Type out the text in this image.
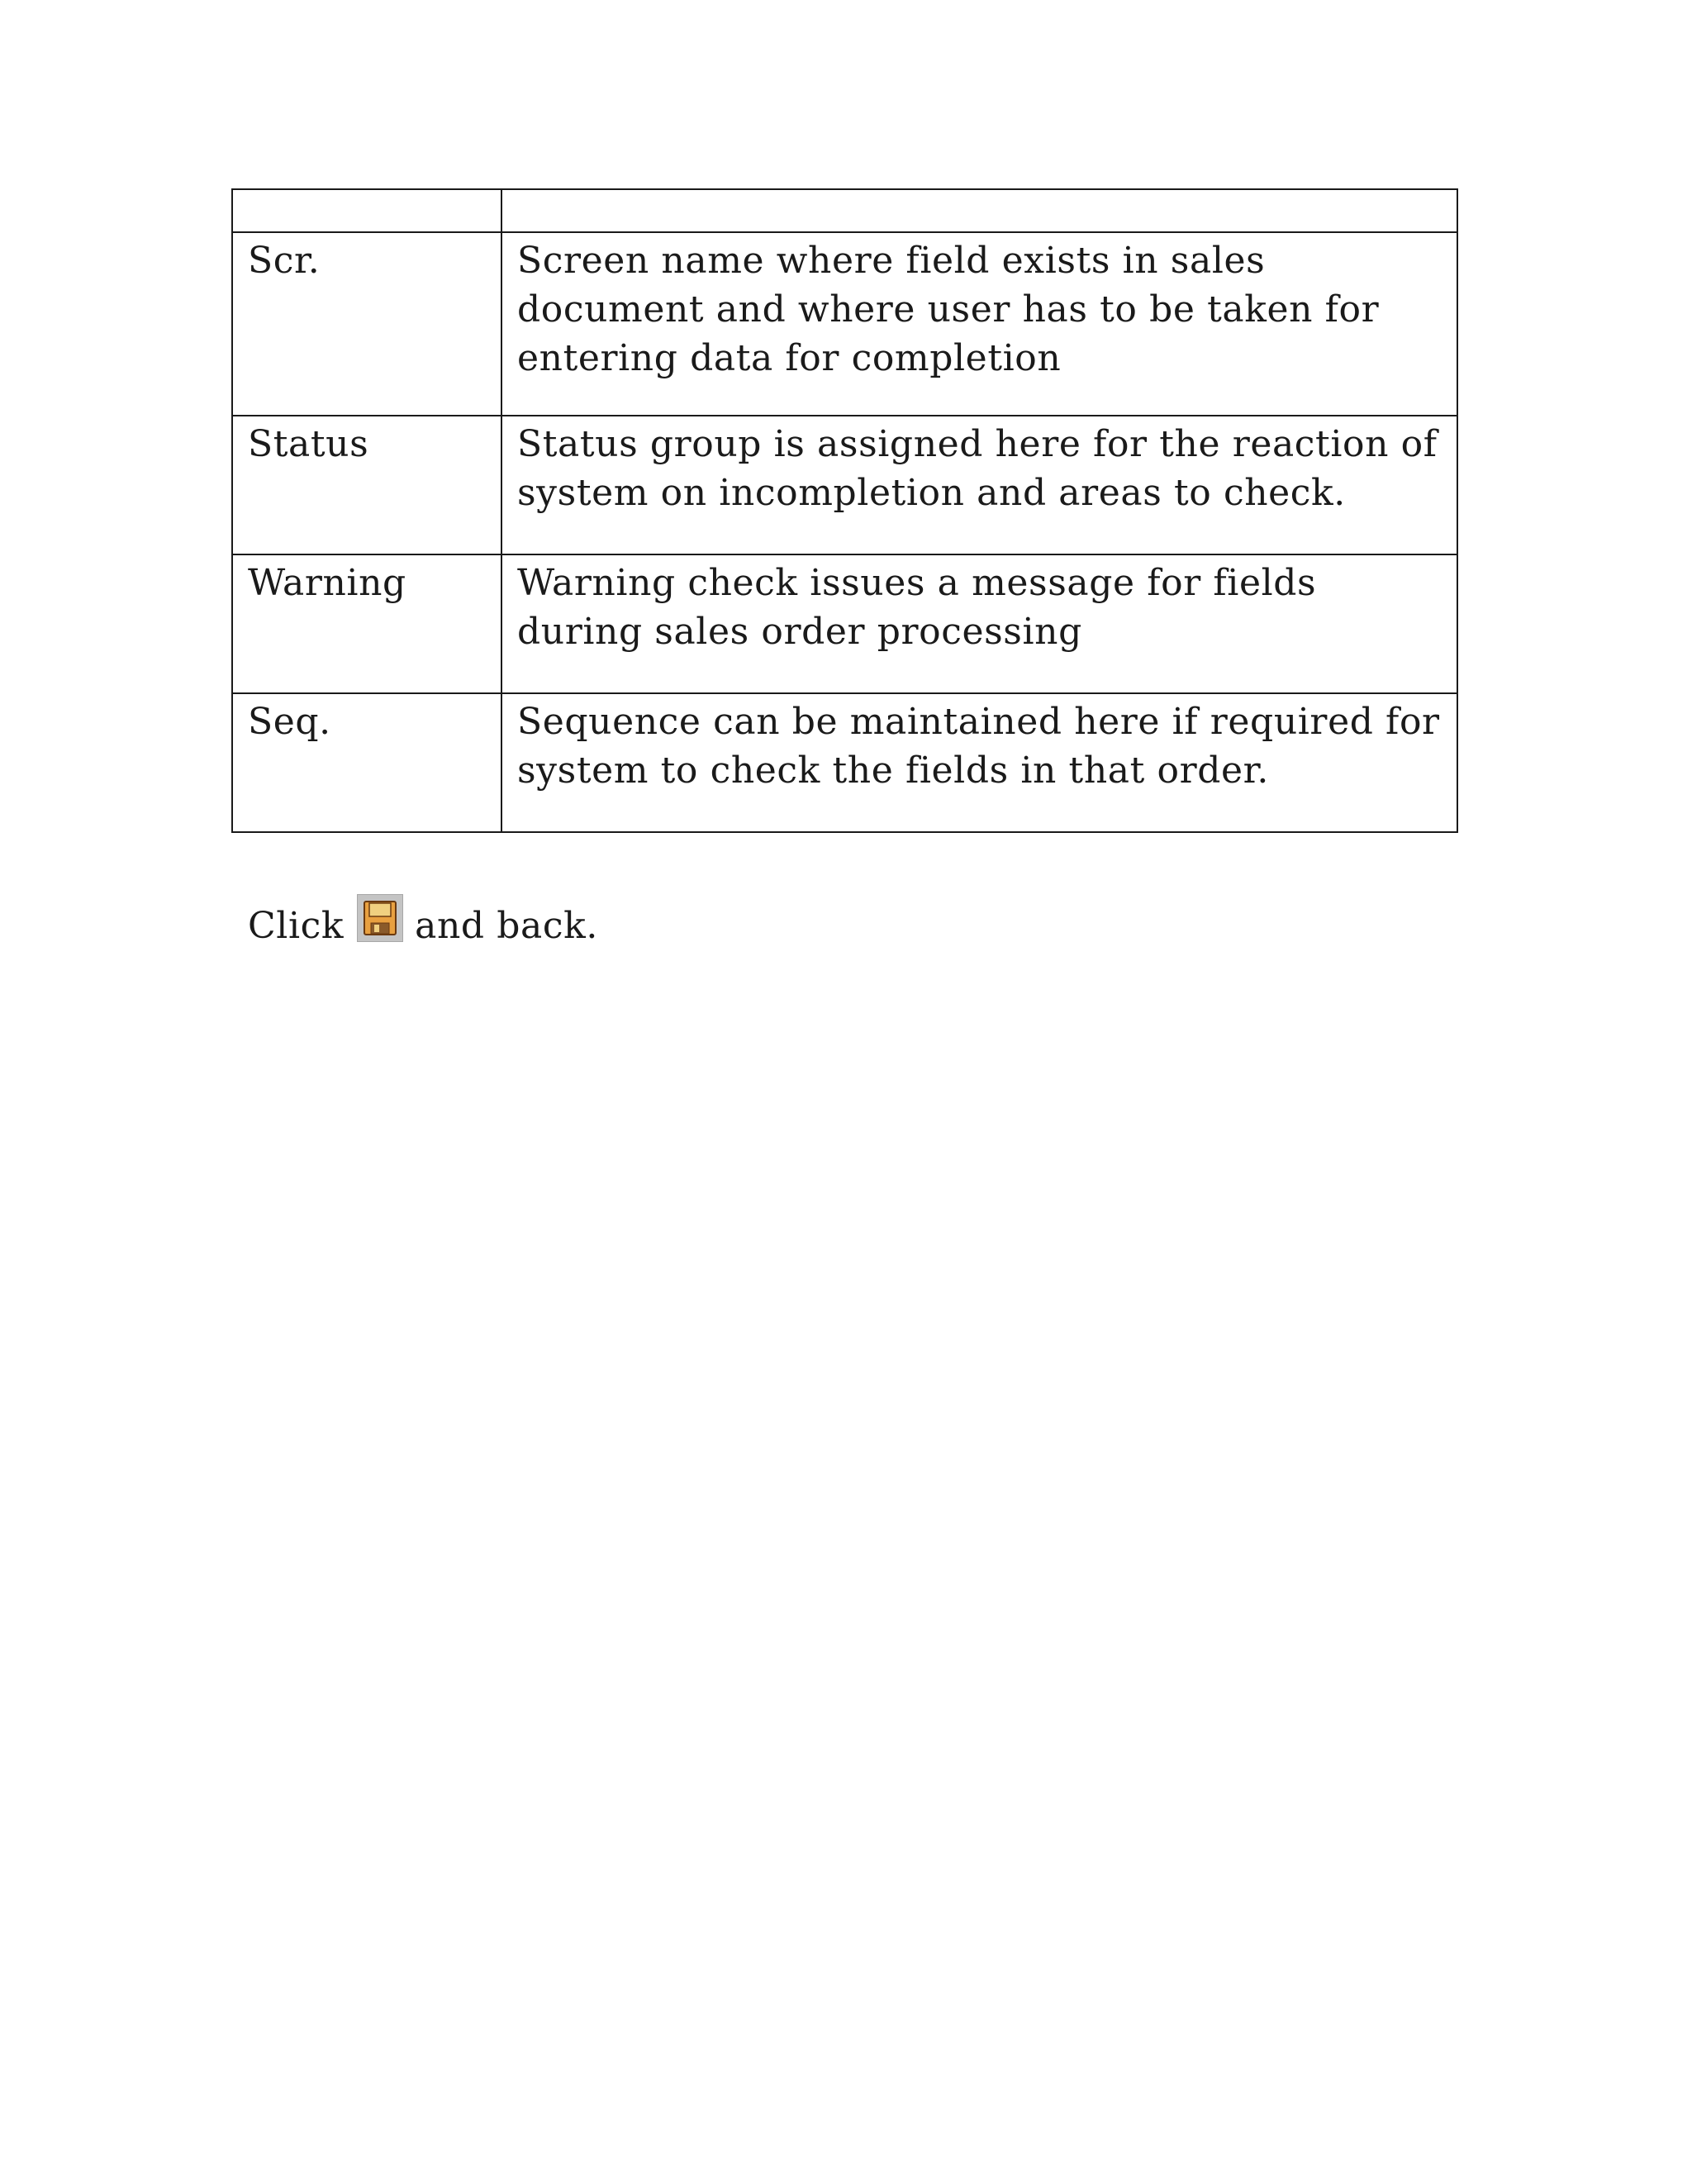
Scr.	Screen name where field exists in sales document and where user has to be taken for entering data for completion
Status	Status group is assigned here for the reaction of system on incompletion and areas to check.
Warning	Warning check issues a message for fields during sales order processing
Seq.	Sequence can be maintained here if required for system to check the fields in that order.
Click and back.
